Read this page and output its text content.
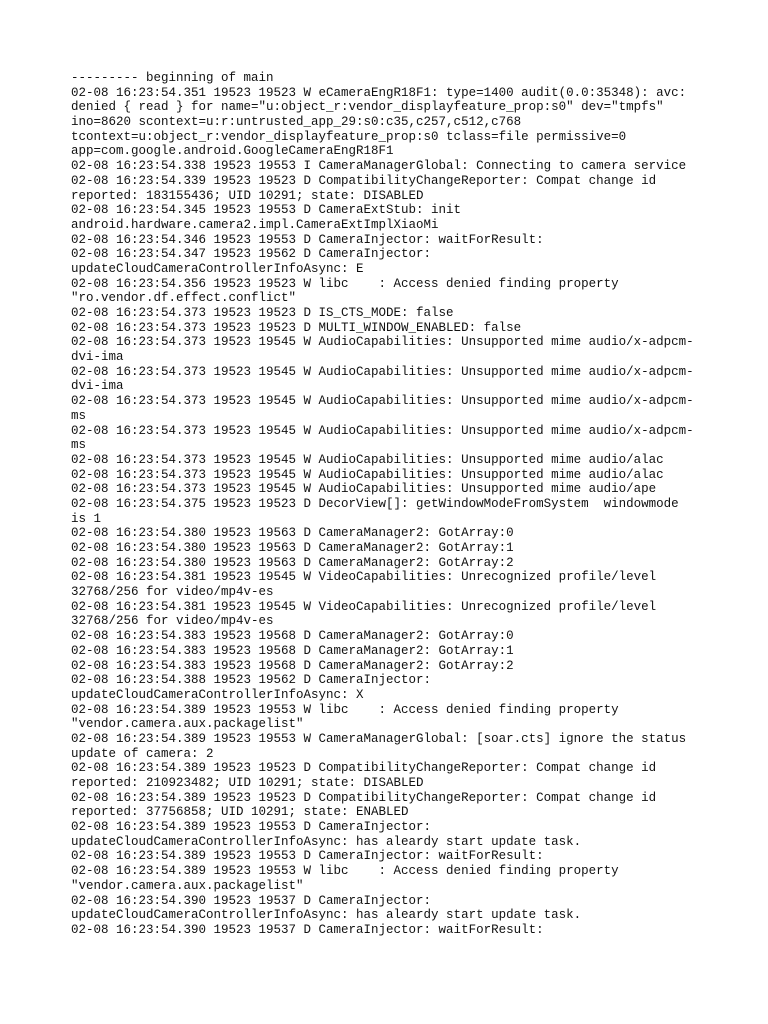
--------- beginning of main
02-08 16:23:54.351 19523 19523 W eCameraEngR18F1: type=1400 audit(0.0:35348): avc:
denied { read } for name="u:object_r:vendor_displayfeature_prop:s0" dev="tmpfs"
ino=8620 scontext=u:r:untrusted_app_29:s0:c35,c257,c512,c768
tcontext=u:object_r:vendor_displayfeature_prop:s0 tclass=file permissive=0
app=com.google.android.GoogleCameraEngR18F1
02-08 16:23:54.338 19523 19553 I CameraManagerGlobal: Connecting to camera service
02-08 16:23:54.339 19523 19523 D CompatibilityChangeReporter: Compat change id
reported: 183155436; UID 10291; state: DISABLED
02-08 16:23:54.345 19523 19553 D CameraExtStub: init
android.hardware.camera2.impl.CameraExtImplXiaoMi
02-08 16:23:54.346 19523 19553 D CameraInjector: waitForResult:
02-08 16:23:54.347 19523 19562 D CameraInjector:
updateCloudCameraControllerInfoAsync: E
02-08 16:23:54.356 19523 19523 W libc    : Access denied finding property
"ro.vendor.df.effect.conflict"
02-08 16:23:54.373 19523 19523 D IS_CTS_MODE: false
02-08 16:23:54.373 19523 19523 D MULTI_WINDOW_ENABLED: false
02-08 16:23:54.373 19523 19545 W AudioCapabilities: Unsupported mime audio/x-adpcm-
dvi-ima
02-08 16:23:54.373 19523 19545 W AudioCapabilities: Unsupported mime audio/x-adpcm-
dvi-ima
02-08 16:23:54.373 19523 19545 W AudioCapabilities: Unsupported mime audio/x-adpcm-
ms
02-08 16:23:54.373 19523 19545 W AudioCapabilities: Unsupported mime audio/x-adpcm-
ms
02-08 16:23:54.373 19523 19545 W AudioCapabilities: Unsupported mime audio/alac
02-08 16:23:54.373 19523 19545 W AudioCapabilities: Unsupported mime audio/alac
02-08 16:23:54.373 19523 19545 W AudioCapabilities: Unsupported mime audio/ape
02-08 16:23:54.375 19523 19523 D DecorView[]: getWindowModeFromSystem  windowmode
is 1
02-08 16:23:54.380 19523 19563 D CameraManager2: GotArray:0
02-08 16:23:54.380 19523 19563 D CameraManager2: GotArray:1
02-08 16:23:54.380 19523 19563 D CameraManager2: GotArray:2
02-08 16:23:54.381 19523 19545 W VideoCapabilities: Unrecognized profile/level
32768/256 for video/mp4v-es
02-08 16:23:54.381 19523 19545 W VideoCapabilities: Unrecognized profile/level
32768/256 for video/mp4v-es
02-08 16:23:54.383 19523 19568 D CameraManager2: GotArray:0
02-08 16:23:54.383 19523 19568 D CameraManager2: GotArray:1
02-08 16:23:54.383 19523 19568 D CameraManager2: GotArray:2
02-08 16:23:54.388 19523 19562 D CameraInjector:
updateCloudCameraControllerInfoAsync: X
02-08 16:23:54.389 19523 19553 W libc    : Access denied finding property
"vendor.camera.aux.packagelist"
02-08 16:23:54.389 19523 19553 W CameraManagerGlobal: [soar.cts] ignore the status
update of camera: 2
02-08 16:23:54.389 19523 19523 D CompatibilityChangeReporter: Compat change id
reported: 210923482; UID 10291; state: DISABLED
02-08 16:23:54.389 19523 19523 D CompatibilityChangeReporter: Compat change id
reported: 37756858; UID 10291; state: ENABLED
02-08 16:23:54.389 19523 19553 D CameraInjector:
updateCloudCameraControllerInfoAsync: has aleardy start update task.
02-08 16:23:54.389 19523 19553 D CameraInjector: waitForResult:
02-08 16:23:54.389 19523 19553 W libc    : Access denied finding property
"vendor.camera.aux.packagelist"
02-08 16:23:54.390 19523 19537 D CameraInjector:
updateCloudCameraControllerInfoAsync: has aleardy start update task.
02-08 16:23:54.390 19523 19537 D CameraInjector: waitForResult:
